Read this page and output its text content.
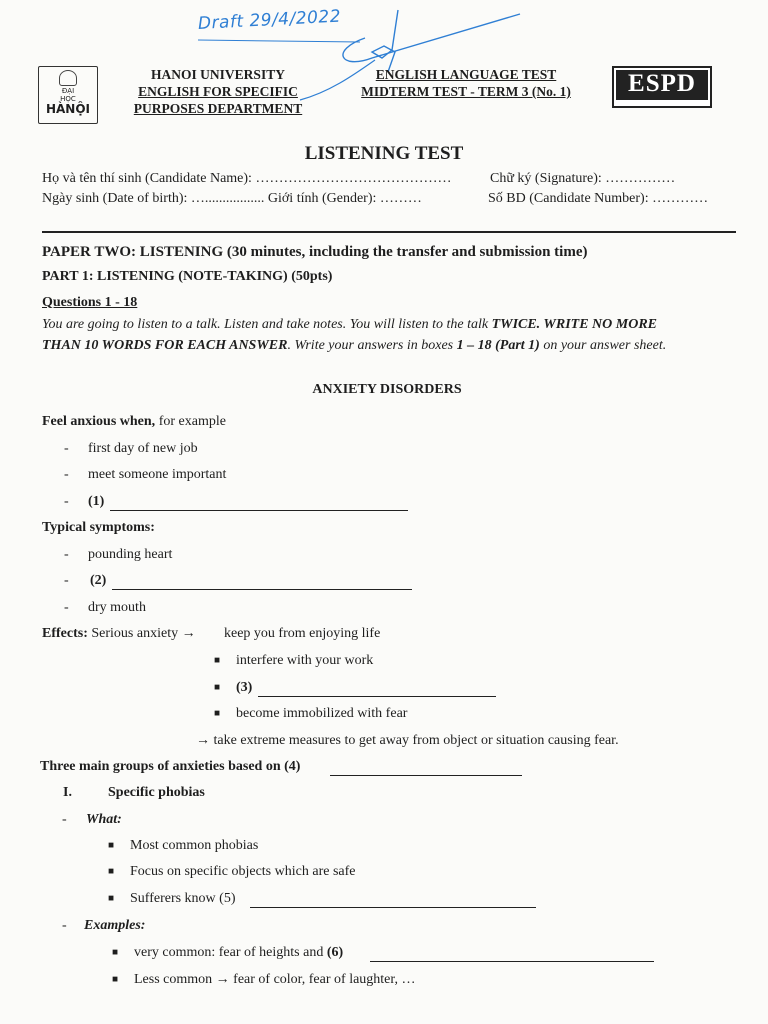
Draft 29/4/2022
ĐẠI
HỌC
HÀNỘI
HANOI UNIVERSITY
ENGLISH FOR SPECIFIC
PURPOSES DEPARTMENT
ENGLISH LANGUAGE TEST
MIDTERM TEST - TERM 3 (No. 1)	ESPD
LISTENING TEST
Họ và tên thí sinh (Candidate Name): ……………………………………	Chữ ký (Signature): ……………
Ngày sinh (Date of birth): …................. Giới tính (Gender): ………	Số BD (Candidate Number): …………
PAPER TWO: LISTENING (30 minutes, including the transfer and submission time)
PART 1: LISTENING (NOTE-TAKING) (50pts)
Questions 1 - 18
You are going to listen to a talk. Listen and take notes. You will listen to the talk TWICE. WRITE NO MORE
THAN 10 WORDS FOR EACH ANSWER. Write your answers in boxes 1 – 18 (Part 1) on your answer sheet.
ANXIETY DISORDERS
Feel anxious when, for example
- first day of new job
- meet someone important
- (1)
Typical symptoms:
- pounding heart
- (2)
- dry mouth
Effects: Serious anxiety → keep you from enjoying life
■ interfere with your work
■ (3)
■ become immobilized with fear
→ take extreme measures to get away from object or situation causing fear.
Three main groups of anxieties based on (4)
I.	Specific phobias
- What:
■ Most common phobias
■ Focus on specific objects which are safe
■ Sufferers know (5)
- Examples:
■ very common: fear of heights and (6)
■ Less common → fear of color, fear of laughter, …
